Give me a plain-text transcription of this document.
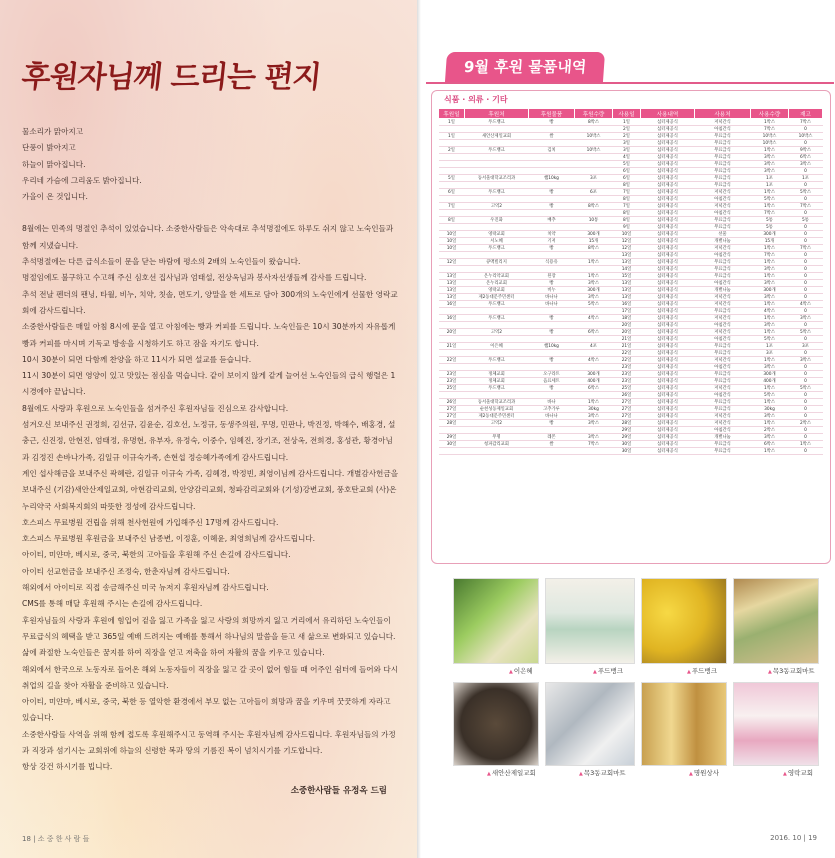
후원자님께 드리는 편지

물소리가 맑아지고

단풍이 밝아지고

하늘이 맑아집니다.

우리네 가슴에 그리움도 밝아집니다.

가을이 온 것입니다.

8월에는 민족의 명절인 추석이 있었습니다. 소중한사람들은 악속대로 추석명절에도 하루도 쉬지 않고 노숙인들과 함께 지냈습니다.

추석명절에는 다른 급식소들이 문을 닫는 바람에 평소의 2배의 노숙인들이 왔습니다.

명절임에도 불구하고 수고해 주신 심호선 집사님과 엄태설, 전상옥님과 봉사자선생들께 감사를 드립니다.

추석 전날 펜더의 팬닝, 타월, 비누, 치약, 칫솔, 면도기, 양말을 한 세트로 담아 300개의 노숙인에게 선물한 영락교회에 감사드립니다.

소중한사람들은 매일 아침 8시에 문을 열고 아침에는 빵과 커피를 드립니다. 노숙인들은 10시 30분까지 자유롭게 빵과 커피를 마시며 기독교 방송을 시청하기도 하고 잠을 자기도 합니다.

10시 30분이 되면 다함께 찬양을 하고 11시가 되면 설교를 듣습니다.

11시 30분이 되면 영양이 있고 맛있는 점심을 먹습니다. 같이 보이지 않게 같게 늘어선 노숙인들의 급식 행렬은 1시경에야 끝납니다.

8월에도 사랑과 후원으로 노숙인들을 섬겨주신 후원자님들 진심으로 감사합니다.

섬겨오신 보내주신 권정희, 김선규, 김윤순, 김호선, 노정규, 동생주의원, 무명, 민판나, 박진정, 박해수, 배홍경, 설충근, 신진정, 안현진, 엄태정, 유명현, 유부자, 유정숙, 이중수, 임혜진, 장기조, 전상옥, 전희경, 홍성관, 황경아님과 김정진 손바나가족, 김일규 이규숙가족, 손현섭 정승혜가족에게 감사드립니다.

계인 섭사해금을 보내주신 곽혜란, 김일규 이규숙 가족, 김혜경, 박정빈, 최영이님께 감사드립니다. 개별감사헌금을 보내주신 (기감)새안산제일교회, 아현감리교회, 안양감리교회, 청파감리교회와 (기성)강변교회, 풍호탄교회 (사)온누리약국 사회복지회의 따뜻한 정성에 감사드립니다.

호스피스 무료병원 건립을 위해 천사헌원에 가입해주신 17명께 감사드립니다.

호스피스 무료병원 후원금을 보내주신 남종변, 이정훈, 이혜윤, 최영희님께 감사드립니다.

아이티, 미얀마, 베시로, 중국, 북한의 고아들을 후원해 주신 손길에 감사드립니다.

아이티 선교헌금을 보내주신 조정숙, 한춘자님께 감사드립니다.

해외에서 아이티로 직접 송금해주신 미국 뉴저지 후원자님께 감사드립니다.

CMS를 통해 매달 후원해 주시는 손길에 감사드립니다.

후원자님들의 사랑과 후원에 힘입어 겉을 잃고 가족을 잃고 사랑의 희망까지 잃고 거리에서 유리하던 노숙인들이 무료급식의 혜택을 받고 365일 예배 드려지는 예배를 통해서 하나님의 말씀을 듣고 새 삶으로 변화되고 있습니다.

삶에 좌절한 노숙인들은 꿈지를 하여 직장을 얻고 저축을 하여 자활의 꿈을 키우고 있습니다.

해외에서 한국으로 노동자로 들어온 해외 노동자들이 직장을 잃고 갈 곳이 없어 힘들 때 어주인 쉼터에 들어와 다시 취업의 길을 찾아 자활을 준비하고 있습니다.

아이티, 미얀마, 베시로, 중국, 북한 등 열악한 환경에서 부모 없는 고아들이 희망과 꿈을 키우며 꿋꿋하게 자라고 있습니다.

소중한사람들 사역을 위해 함께 접도록 후원해주시고 동역해 주시는 후원자님께 감사드립니다. 후원자님들의 가정과 직장과 섬기시는 교회위에 하늘의 신령한 복과 땅의 기름진 복이 넘치시기를 기도합니다.

항상 강건 하시기를 빕니다.

소중한사람들 유정옥 드림
18 | 소 중 한 사 람 들
9월 후원 물품내역
식품 · 의류 · 기타
후원일	후원처	후원물품	후원수량	사용일	사용내역	사용처	사용수량	재고
1일	푸드뱅크	빵	8박스	1일	섬터제공식	저녁간식	1박스	7박스
				2일	섬터제공식	아침간식	7박스	0
1일	새안산제일교회	쌀	10박스	2일	섬터제공식	무료급식	10박스	10박스
				3일	섬터제공식	무료급식	10박스	0
2일	푸드뱅크	김치	10박스	3일	섬터제공식	무료급식	1박스	9박스
				4일	섬터제공식	무료급식	3박스	6박스
				5일	섬터제공식	무료급식	3박스	3박스
				6일	섬터제공식	무료급식	3박스	0
5일	동서울대학교조리과	햄10kg	3포	6일	섬터제공식	무료급식	1포	1포
				8일	섬터제공식	무료급식	1포	0
6일	푸드뱅크	빵	6포	7일	섬터제공식	저녁간식	1박스	5박스
				8일	섬터제공식	아침간식	5박스	0
7일	고역2	빵	8박스	7일	섬터제공식	저녁간식	1박스	7박스
				8일	섬터제공식	아침간식	7박스	0
8일	우진화	배추	10통	8일	섬터제공식	무료급식	5통	5통
				9일	섬터제공식	무료급식	5통	0
10일	영락교회	치약	300개	10일	섬터제공식	선물	300개	0
10일	서노혜	기저	15개	12일	섬터제공식	개별나눔	15개	0
10일	푸드뱅크	빵	8박스	12일	섬터제공식	저녁간식	1박스	7박스
				13일	섬터제공식	아침간식	7박스	0
12일	큐맥빌리지	식용유	1박스	13일	섬터제공식	무료급식	1박스	0
				14일	섬터제공식	무료급식	3박스	0
13일	온누리약교회	된장	1박스	15일	섬터제공식	무료급식	1박스	0
13일	온누리교회	빵	3박스	13일	섬터제공식	아침간식	3박스	0
13일	영락교회	비누	300개	13일	섬터제공식	개별나눔	300개	0
13일	제2동대문주민센터	바나나	3박스	13일	섬터제공식	저녁간식	3박스	0
16일	푸드뱅크	바나나	5박스	16일	섬터제공식	저녁간식	1박스	4박스
				17일	섬터제공식	무료급식	4박스	0
16일	푸드뱅크	빵	4박스	18일	섬터제공식	저녁간식	1박스	3박스
				20일	섬터제공식	아침간식	3박스	0
20일	고역2	빵	6박스	20일	섬터제공식	저녁간식	1박스	5박스
				21일	섬터제공식	아침간식	5박스	0
21일	이은혜	햄10kg	4포	21일	섬터제공식	무료급식	1포	3포
				22일	섬터제공식	무료급식	3포	0
22일	푸드뱅크	빵	4박스	22일	섬터제공식	저녁간식	1박스	3박스
				23일	섬터제공식	아침간식	3박스	0
23일	정체교회	오구라트	300개	23일	섬터제공식	무료급식	300개	0
23일	정체교회	음료세트	400개	23일	섬터제공식	무료급식	400개	0
25일	푸드뱅크	빵	6박스	25일	섬터제공식	저녁간식	1박스	5박스
				26일	섬터제공식	아침간식	5박스	0
26일	동서울대학교조리과	바나	1박스	27일	섬터제공식	무료급식	1박스	0
27일	순천성동제일교회	고추가루	30kg	27일	섬터제공식	무료급식	30kg	0
27일	제2동대문주민센터	바나나	3박스	27일	섬터제공식	저녁간식	3박스	0
28일	고역2	빵	3박스	28일	섬터제공식	저녁간식	1박스	2박스
				29일	섬터제공식	아침간식	2박스	0
29일	무명	레몬	3박스	29일	섬터제공식	개별나눔	3박스	0
30일	청파감리교회	쌀	7박스	30일	섬터제공식	무료급식	6박스	1박스
				30일	섬터제공식	무료급식	1박스	0
▲ 이은혜	▲ 푸드뱅크	▲ 푸드뱅크	▲ 목3동교회마트
▲ 새안산제일교회	▲ 목3동교회마트	▲ 명원상사	▲ 영락교회
2016. 10 | 19
